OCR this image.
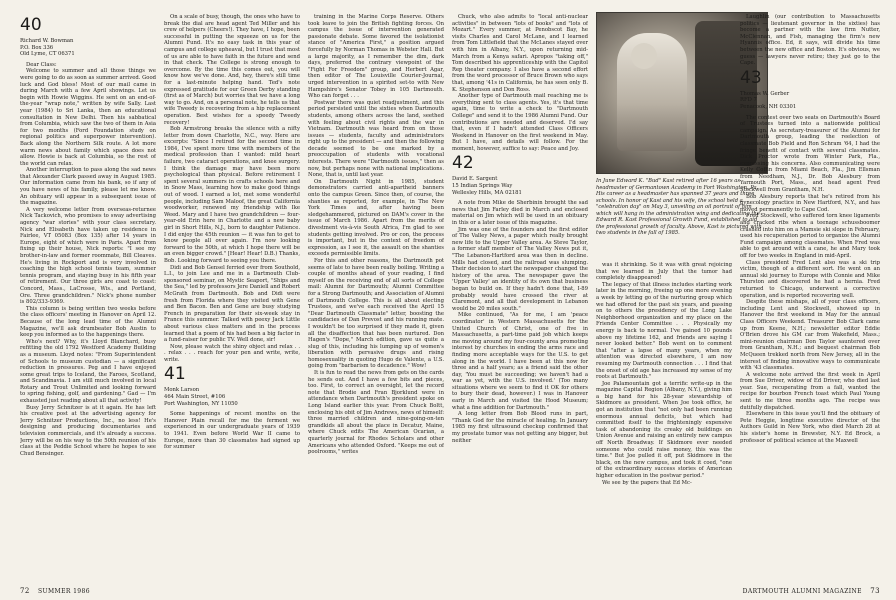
40

Richard W. Bowman

P.O. Box 336

Old Lyme, CT 06371

Dear Class:

Welcome to summer and all those things we were going to do as soon as summer arrived. Good luck and God bless! Most of our mail came in during March with a few April showings. Let us begin with Howie Wiggins. He sent on an end-of-the-year "wrap note," written by wife Sally. Last year (1984) to Sri Lanka, then an educational consultation in New Delhi. Then his sabbatical from Columbia, which saw the two of them in Asia for two months (Ford Foundation study on regional politics and superpower intervention). Back along the Northern Silk route. A lot more warm news about family which space does not allow. Howie is back at Columbia, so the rest of the world can relax.

Another interruption to pass along the sad news that Alexander Clark passed away in August 1985. Our information came from his bank, so if any of you have news of his family, please let me know. An obituary will appear in a subsequent issue of the magazine.

A very welcome letter from overseas-returnee Nick Tackovich, who promises to sway advertising agency "war stories" with your class secretary. Nick and Elisabeth have taken up residence in Fairlee, VT 05083 (Box 135) after 14 years in Europe, eight of which were in Paris. Apart from fixing up their house, Nick reports: "I see my brother-in-law and former roommate, Bill Cleaves. He's living in Rockport and is very involved in coaching the high school tennis team, summer tennis program, and staying busy in his fifth year of retirement. Our three girls are coast to coast: Concord, Mass., LaCrosse, Wis., and Portland, Ore. Three grandchildren." Nick's phone number is 802/333-9369.

This column is being written two weeks before the class officers' meeting in Hanover on April 12. Because of the long lead time of the Alumni Magazine, we'll ask drumbeater Bob Austin to keep you informed as to the happenings there.

Who's next? Why, it's Lloyd Blanchard, busy refitting the old 1792 Westford Academy Building as a museum. Lloyd notes: "From Superintendent of Schools to museum custodian — a significant reduction in pressures. Peg and I have enjoyed some great trips to Iceland, the Faroes, Scotland, and Scandinavia. I am still much involved in local Rotary and Trout Unlimited and looking forward to spring fishing, golf, and gardening." Gad — I'm exhausted just reading about all that activity!

Busy Jerry Schnitzer is at it again. He has left his creative post at the advertising agency for Jerry Schnitzer Productions, Inc., no less! He's designing and producing documentaries and television commercials, and it's already a success. Jerry will be on his way to the 50th reunion of his class at the Peddie School where he hopes to see Chud Bensinger.

On a scale of busy, though, the ones who have to break the dial are head agent Ted Miller and his crew of helpers (Cheers!). They have, I hope, been successful in putting the squeeze on us for the Alumni Fund. It's no easy task in this year of campus and college upheaval, but I trust that most of us are able to have faith in the future and send in that check. The College is strong enough to overcome. By the time this comes out, you will know how we've done. And, hey, there's still time for a last-minute helping hand. Ted's note expressed gratitude for our Green Derby standing (first as of March) but worries that we have a long way to go. And, on a personal note, he tells us that wife Tweedy is recovering from a hip replacement operation. Best wishes for a speedy Tweedy recovery!

Bob Armstrong breaks the silence with a nifty letter from down Charlotte, N.C., way. Here are excerpts: "Since I retired for the second time in 1984, I've spent more time with members of the medical profession than I wanted: mild heart failure, two cataract operations, and knee surgery. I think the damage may have been more psychological than physical. Before retirement I spent several summers in crafts schools here and in Snow Mass, learning how to make good things out of wood. I earned a lot, met some wonderful people, including Sam Maloof, the great California woodworker, renewed my friendship with Ike Weed. Mary and I have two grandchildren — four-year-old Erin here in Charlotte and a new baby girl in Short Hills, N.J., born to daughter Patience. I did enjoy the 45th reunion — it was fun to get to know people all over again. I'm now looking forward to the 50th, at which I hope there will be an even bigger crowd." [Hear! Hear! D.B.) Thanks, Bob. Looking forward to seeing you there.

Didi and Bob Gensel ferried over from Southold, L.I., to join Lee and me in a Dartmouth Club-sponsored seminar, on Mystic Seaport, "Ships and the Sea," led by professors Jere Daniell and Robert McGrath from Dartmouth. Bob and Didi were fresh from Florida where they visited with Gene and Ben Bacon. Ben and Gene are busy studying French in preparation for their six-week stay in France this summer. Talked with peexy Jack Little about various class matters and in the process learned that a poem of his had been a big factor in a fund-raiser for public TV. Well done, sir!

Now, please watch the shiny object and relax . . . relax . . . reach for your pen and write, write, write.

41

Monk Larson

464 Main Street, #106

Port Washington, NY 11050

Some happenings of recent months on the Hanover Plain recall for me the ferment we experienced in our undergraduate years of 1939 to 1941. Even before World War II came to Europe, more than 30 classmates had signed up for summer

training in the Marine Corps Reserve. Others took leave to join the British fighting forces. On campus the issue of intervention generated passionate debate. Some favored the isolationist stance of "America First," a position argued forcefully by Norman Thomas in Webster Hall. But a large majority, as I remember the dim, dark days, preferred the contrary viewpoint of the "Fight For Freedom" group, and Herbert Agar, then editor of The Louisville Courier-Journal, urged intervention in a spirited set-to with New Hampshire's Senator Tobey in 105 Dartmouth. Who can forget . . .

Postwar there was quiet readjustment, and this period persisted until the sixties when Dartmouth students, among others across the land, seethed with feeling about civil rights and the war in Vietnam. Dartmouth was heard from on those issues — students, faculty and administrators right up to the president — and then the following decade seemed to be one marked by a preoccupation of students with vocational interests. There were "Dartmouth issues," then as now, but perhaps none with national implications. None, that is, until last year.

On Dartmouth Night in 1985, student demonstrators carried anti-apartheid banners onto the campus Green. Since then, of course, the shanties as reported, for example, in The New York Times and, after having been sledgehammered, pictured on DAM's cover in the issue of March 1986. Apart from the merits of divestment vis-à-vis South Africa, I'm glad to see students getting involved. Pro or con, the process is important, but in the context of freedom of expression, as I see it, the assault on the shanties exceeds permissible limits.

For this and other reasons, the Dartmouth pot seems of late to have been really boiling. Writing a couple of months ahead of your reading, I find myself on the receiving end of all sorts of College mail: Alumni for Dartmouth; Alumni Committee for a Strong Dartmouth; and Association of Alumni of Dartmouth College. This is all about electing Trustees, and we've each received the April 15 "Dear Dartmouth Classmate" letter, boosting the candidacies of Dan Prevost and his running mate. I wouldn't be too surprised if they made it, given all the disaffection that has been nurtured. Don Hagen's "Dope," March edition, gave us quite a slug of this, including his lumping up of women's liberation with pervasive drugs and rising homosexuality in quoting Hugo de Valente, a U.S. going from "barbarism to decadence." Wow!

It is fun to read the news from gets on the cards he sends out. And I have a few bits and pieces, too. First, to correct an oversight, let the record note that Brodie and Fran Bjorklund were in attendance when Dartmouth's president spoke on Long Island earlier this year. From Chuck Boltt, enclosing his obit of Jim Andrews, news of himself: three married children and nine-going-on-ten grandkids all about the place in Decatur, Maine, where Chuck edits The American Ocarian, a quarterly journal for Rhodes Scholars and other Americans who attended Oxford. "Keeps me out of poolrooms," writes

Chuck, who also admits to "local anti-nuclear activities" in between "lots of books" and "lots of Mozart." Every summer, at Penobscot Bay, he visits Charles and Carol McLane, and I learned from Tom Littlefield that the McLanes stayed over with him in Albany, N.Y., upon returning mid-March from a Kenya safari. Apropos "taking off," Tom described his apprenticeship with the Capitol Rep theater company. I also have a second effort from the word processor of Bruce Brown who says that, among '41s in California, he has seen only B. K. Stephenson and Don Ross.

Another type of Dartmouth mail reaching me is everything sent to class agents. Yes, it's that time again, time to write a check to "Dartmouth College" and send it to the 1986 Alumni Fund. Our contributions are needed and deserved. I'd say that, even if I hadn't attended Class Officers Weekend in Hanover on the first weekend in May. But I have, and details will follow. For the moment, however, suffice to say: Peace and Joy.

42

David E. Sargent

15 Indian Springs Way

Wellesley Hills, MA 02181

A note from Mike de Sherbinin brought the sad news that Jim Farley died in March and enclosed material on Jim which will be used in an obituary in this or a later issue of this magazine.

Jim was one of the founders and the first editor of The Valley News, a paper which really brought new life to the Upper Valley area. As Steve Taylor, a former staff member of The Valley News put it, "The Lebanon-Hartford area was then in decline. Mills had closed, and the railroad was slumping. Their decision to start the newspaper changed the history of the area. The newspaper gave the 'Upper Valley' an identity of its own that business began to build on. If they hadn't done that, I-89 probably would have crossed the river at Claremont, and all that development in Lebanon would be 20 miles south."

Mike continued, "As for me, I am 'peace coordinator' in Western Massachusetts for the United Church of Christ, one of five in Massachusetts, a part-time paid job which keeps me moving around my four-county area promoting interest by churches in ending the arms race and finding more acceptable ways for the U.S. to get along in the world. I have been at this now for three and a half years; as a friend said the other day, 'You must be succeeding; we haven't had a war as yet, with the U.S. involved.' (Too many situations where we seem to find it OK for others to bury their dead, however.) I was in Hanover early in March and visited the Hood Museum; what a fine addition for Dartmouth."

A long letter from Bob Blood runs in part, "Thank God for the miracle of healing. In January 1985 my first ultrasound checkup confirmed that my prostate tumor was not getting any bigger, but neither

In June Edward K. "Bud" Kast retired after 16 years as headmaster of Germantown Academy in Fort Washington, Pa. His career as a headmaster has spanned 37 years and three schools. In honor of Kast and his wife, the school held a "celebration day" on May 3, unveiling an oil portrait of him which will hang in the administration wing and dedicating the Edward R. Kast Professional Growth Fund, established to aid the professional growth of faculty. Above, Kast is pictured with two students in the fall of 1985.

was it shrinking. So it was with great rejoicing that we learned in July that the tumor had completely disappeared!

The legacy of that illness includes starting work later in the morning, freeing up one more evening a week by letting go of the nurturing group which we had offered for the past six years, and passing on to others the presidency of the Long Lake Neighborhood organization and my place on the Friends Center Committee . . . Physically my energy is back to normal. I've gained 10 pounds above my lifetime 162, and friends are saying I never looked better." Bob went on to comment that "after a lapse of many years, when my attention was directed elsewhere, I am now resuming my Dartmouth connection . . . I find that the onset of old age has increased my sense of my roots at Dartmouth."

Joe Palamountain got a terrific write-up in the magazine Capital Region (Albany, N.Y.), giving him a big hand for his 28-year stewardship of Skidmore as president. When Joe took office, he got an institution that "not only had been running enormous annual deficits, but which had committed itself to the frighteningly expensive task of abandoning its creaky old buildings on Union Avenue and raising an entirely new campus off North Broadway. If Skidmore ever needed someone who could raise money, this was the time." But Joe pulled it off, put Skidmore in the black, on the new campus, and took it coed, "one of the extraordinary success stories of American higher education in the postwar period."

We see by the papers that Ed Mc-

Laughlin (our contribution to Massachusetts politics — lieutenant governor in the sixties) has become a partner with the law firm Nutter, McClennan, and Fish, managing the firm's new Hyannis office. Ed, it says, will divide his time between the new office and Boston. It's obvious, we guess — lawyers never retire; they just go to the Cape.

43

Thomas W. Gerber

RFD 7

Penacook, NH 03301

The contest over two seats on Dartmouth's Board of Trustees turned into a nationwide political campaign. As secretary-treasurer of the Alumni for Dartmouth group, leading the reelection of classmate Bob Field and Ron Schram '64, I had the fringe benefit of contact with several classmates. Dick Proctor wrote from Winter Park, Fla., expressing his concerns. Also communicating were Kelly Coffin from Miami Beach, Fla., Jim Ellsman from Needham, N.J., Dr. Bob Alesbury from Yarmouth Port, Mass., and head agent Fred Stockwell from Grantham, N.H.

Bob Alesbury reports that he's retired from his gynecology practice in New Hartford, N.Y., and has moved permanently to Cape Cod.

Fred Stockwell, who suffered torn knee ligaments and cracked ribs when a teenage schussboomer crashed into him on a Mamsie ski slope in February, used his recuperation period to organize the Alumni Fund campaign among classmates. When Fred was able to get around with a cane, he and Mary took off for two weeks in England in mid-April.

Class president Fred Lent also was a ski trip victim, though of a different sort. He went on an annual ski journey to Europe with Connie and Mike Thurston and discovered he had a hernia. Fred returned to Chicago, underwent a corrective operation, and is reported recovering well.

Despite these mishaps, all of your class officers, including Lent and Stockwell, showed up in Hanover the first weekend in May for the annual Class Officers Weekend. Treasurer Bob Clark came up from Keene, N.H.; newsletter editor Eddie O'Brien drove his GM car from Wakefield, Mass.; mini-reunion chairman Don Taylor sauntered over from Grantham, N.H.; and bequest chairman Bob McQueen trekked north from New Jersey, all in the interest of finding innovative ways to communicate with '43 classmates.

A welcome note arrived the first week in April from Sue Driver, widow of Ed Driver, who died last year. Sue, recuperating from a fall, wanted the recipe for bourbon French toast which Paul Young sent to me three months ago. The recipe was dutifully dispatched.

Elsewhere in this issue you'll find the obituary of Pete Heggie, longtime executive director of the Authors Guild in New York, who died March 28 at his sister's home in Brewster, N.Y. Ed Brock, a professor of political science at the Maxwell

72 SUMMER 1986	DARTMOUTH ALUMNI MAGAZINE 73
